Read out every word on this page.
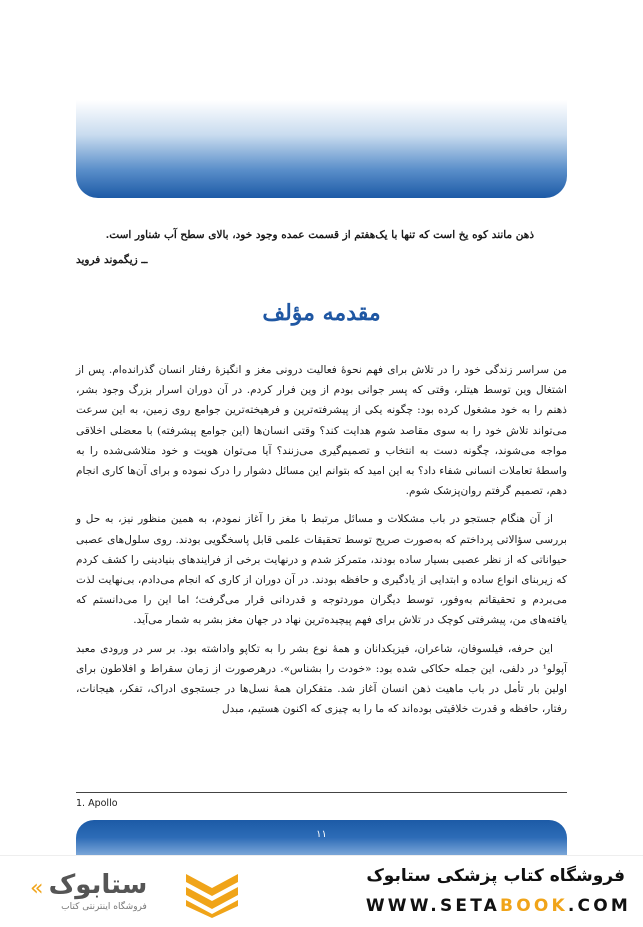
ذهن مانند کوه یخ است که تنها با یک‌هفتم از قسمت عمده وجود خود، بالای سطح آب شناور است.
ــ زیگموند فروید
مقدمه مؤلف

من سراسر زندگی خود را در تلاش برای فهم نحوهٔ فعالیت درونی مغز و انگیزهٔ رفتار انسان گذرانده‌ام. پس از اشتغال وین توسط هیتلر، وقتی که پسر جوانی بودم از وین فرار کردم. در آن دوران اسرار بزرگ وجود بشر، ذهنم را به خود مشغول کرده بود: چگونه یکی از پیشرفته‌ترین و فرهیخته‌ترین جوامع روی زمین، به این سرعت می‌تواند تلاش خود را به سوی مقاصد شوم هدایت کند؟ وقتی انسان‌ها (این جوامع پیشرفته) با معضلی اخلاقی مواجه می‌شوند، چگونه دست به انتخاب و تصمیم‌گیری می‌زنند؟ آیا می‌توان هویت و خود متلاشی‌شده را به واسطهٔ تعاملات انسانی شفاء داد؟ به این امید که بتوانم این مسائل دشوار را درک نموده و برای آن‌ها کاری انجام دهم، تصمیم گرفتم روان‌پزشک شوم.

از آن هنگام جستجو در باب مشکلات و مسائل مرتبط با مغز را آغاز نمودم، به همین منظور نیز، به حل و بررسی سؤالاتی پرداختم که به‌صورت صریح توسط تحقیقات علمی قابل پاسخگویی بودند. روی سلول‌های عصبی حیواناتی که از نظر عصبی بسیار ساده بودند، متمرکز شدم و درنهایت برخی از فرایندهای بنیادینی را کشف کردم که زیربنای انواع ساده و ابتدایی از یادگیری و حافظه بودند. در آن دوران از کاری که انجام می‌دادم، بی‌نهایت لذت می‌بردم و تحقیقاتم به‌وفور، توسط دیگران موردتوجه و قدردانی قرار می‌گرفت؛ اما این را می‌دانستم که یافته‌های من، پیشرفتی کوچک در تلاش برای فهم پیچیده‌ترین نهاد در جهان مغز بشر به شمار می‌آید.

این حرفه، فیلسوفان، شاعران، فیزیکدانان و همهٔ نوع بشر را به تکاپو واداشته بود. بر سر در ورودی معبد آپولو¹ در دلفی، این جمله حکاکی شده بود: «خودت را بشناس». درهرصورت از زمان سقراط و افلاطون برای اولین بار تأمل در باب ماهیت ذهن انسان آغاز شد. متفکران همهٔ نسل‌ها در جستجوی ادراک، تفکر، هیجانات، رفتار، حافظه و قدرت خلاقیتی بوده‌اند که ما را به چیزی که اکنون هستیم، مبدل

1. Apollo
۱۱
فروشگاه کتاب پزشکی ستابوک
WWW.SETABOOK.COM
« ستابوک
فروشگاه اینترنتی کتاب
